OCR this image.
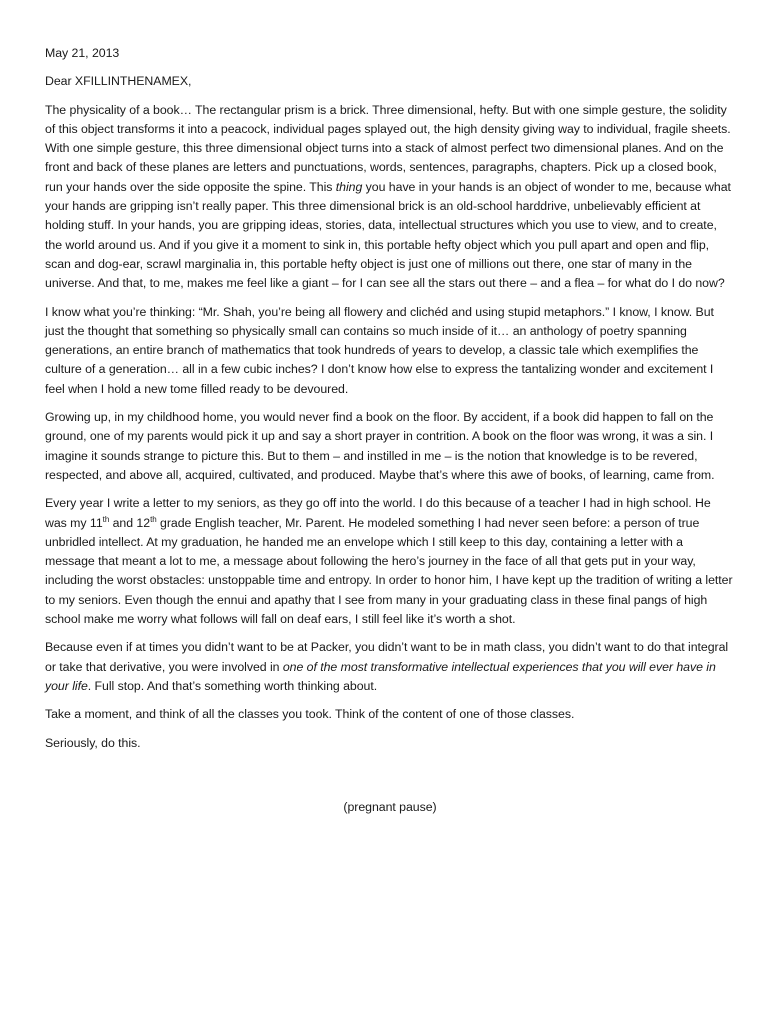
May 21, 2013

Dear XFILLINTHENAMEX,

The physicality of a book… The rectangular prism is a brick. Three dimensional, hefty. But with one simple gesture, the solidity of this object transforms it into a peacock, individual pages splayed out, the high density giving way to individual, fragile sheets. With one simple gesture, this three dimensional object turns into a stack of almost perfect two dimensional planes. And on the front and back of these planes are letters and punctuations, words, sentences, paragraphs, chapters. Pick up a closed book, run your hands over the side opposite the spine. This thing you have in your hands is an object of wonder to me, because what your hands are gripping isn’t really paper. This three dimensional brick is an old-school harddrive, unbelievably efficient at holding stuff. In your hands, you are gripping ideas, stories, data, intellectual structures which you use to view, and to create, the world around us. And if you give it a moment to sink in, this portable hefty object which you pull apart and open and flip, scan and dog-ear, scrawl marginalia in, this portable hefty object is just one of millions out there, one star of many in the universe. And that, to me, makes me feel like a giant – for I can see all the stars out there – and a flea – for what do I do now?

I know what you’re thinking: “Mr. Shah, you’re being all flowery and clichéd and using stupid metaphors.” I know, I know. But just the thought that something so physically small can contains so much inside of it… an anthology of poetry spanning generations, an entire branch of mathematics that took hundreds of years to develop, a classic tale which exemplifies the culture of a generation… all in a few cubic inches? I don’t know how else to express the tantalizing wonder and excitement I feel when I hold a new tome filled ready to be devoured.

Growing up, in my childhood home, you would never find a book on the floor. By accident, if a book did happen to fall on the ground, one of my parents would pick it up and say a short prayer in contrition. A book on the floor was wrong, it was a sin. I imagine it sounds strange to picture this. But to them – and instilled in me – is the notion that knowledge is to be revered, respected, and above all, acquired, cultivated, and produced. Maybe that’s where this awe of books, of learning, came from.

Every year I write a letter to my seniors, as they go off into the world. I do this because of a teacher I had in high school. He was my 11th and 12th grade English teacher, Mr. Parent. He modeled something I had never seen before: a person of true unbridled intellect. At my graduation, he handed me an envelope which I still keep to this day, containing a letter with a message that meant a lot to me, a message about following the hero’s journey in the face of all that gets put in your way, including the worst obstacles: unstoppable time and entropy. In order to honor him, I have kept up the tradition of writing a letter to my seniors. Even though the ennui and apathy that I see from many in your graduating class in these final pangs of high school make me worry what follows will fall on deaf ears, I still feel like it’s worth a shot.

Because even if at times you didn’t want to be at Packer, you didn’t want to be in math class, you didn’t want to do that integral or take that derivative, you were involved in one of the most transformative intellectual experiences that you will ever have in your life. Full stop. And that’s something worth thinking about.

Take a moment, and think of all the classes you took. Think of the content of one of those classes.

Seriously, do this.

(pregnant pause)
